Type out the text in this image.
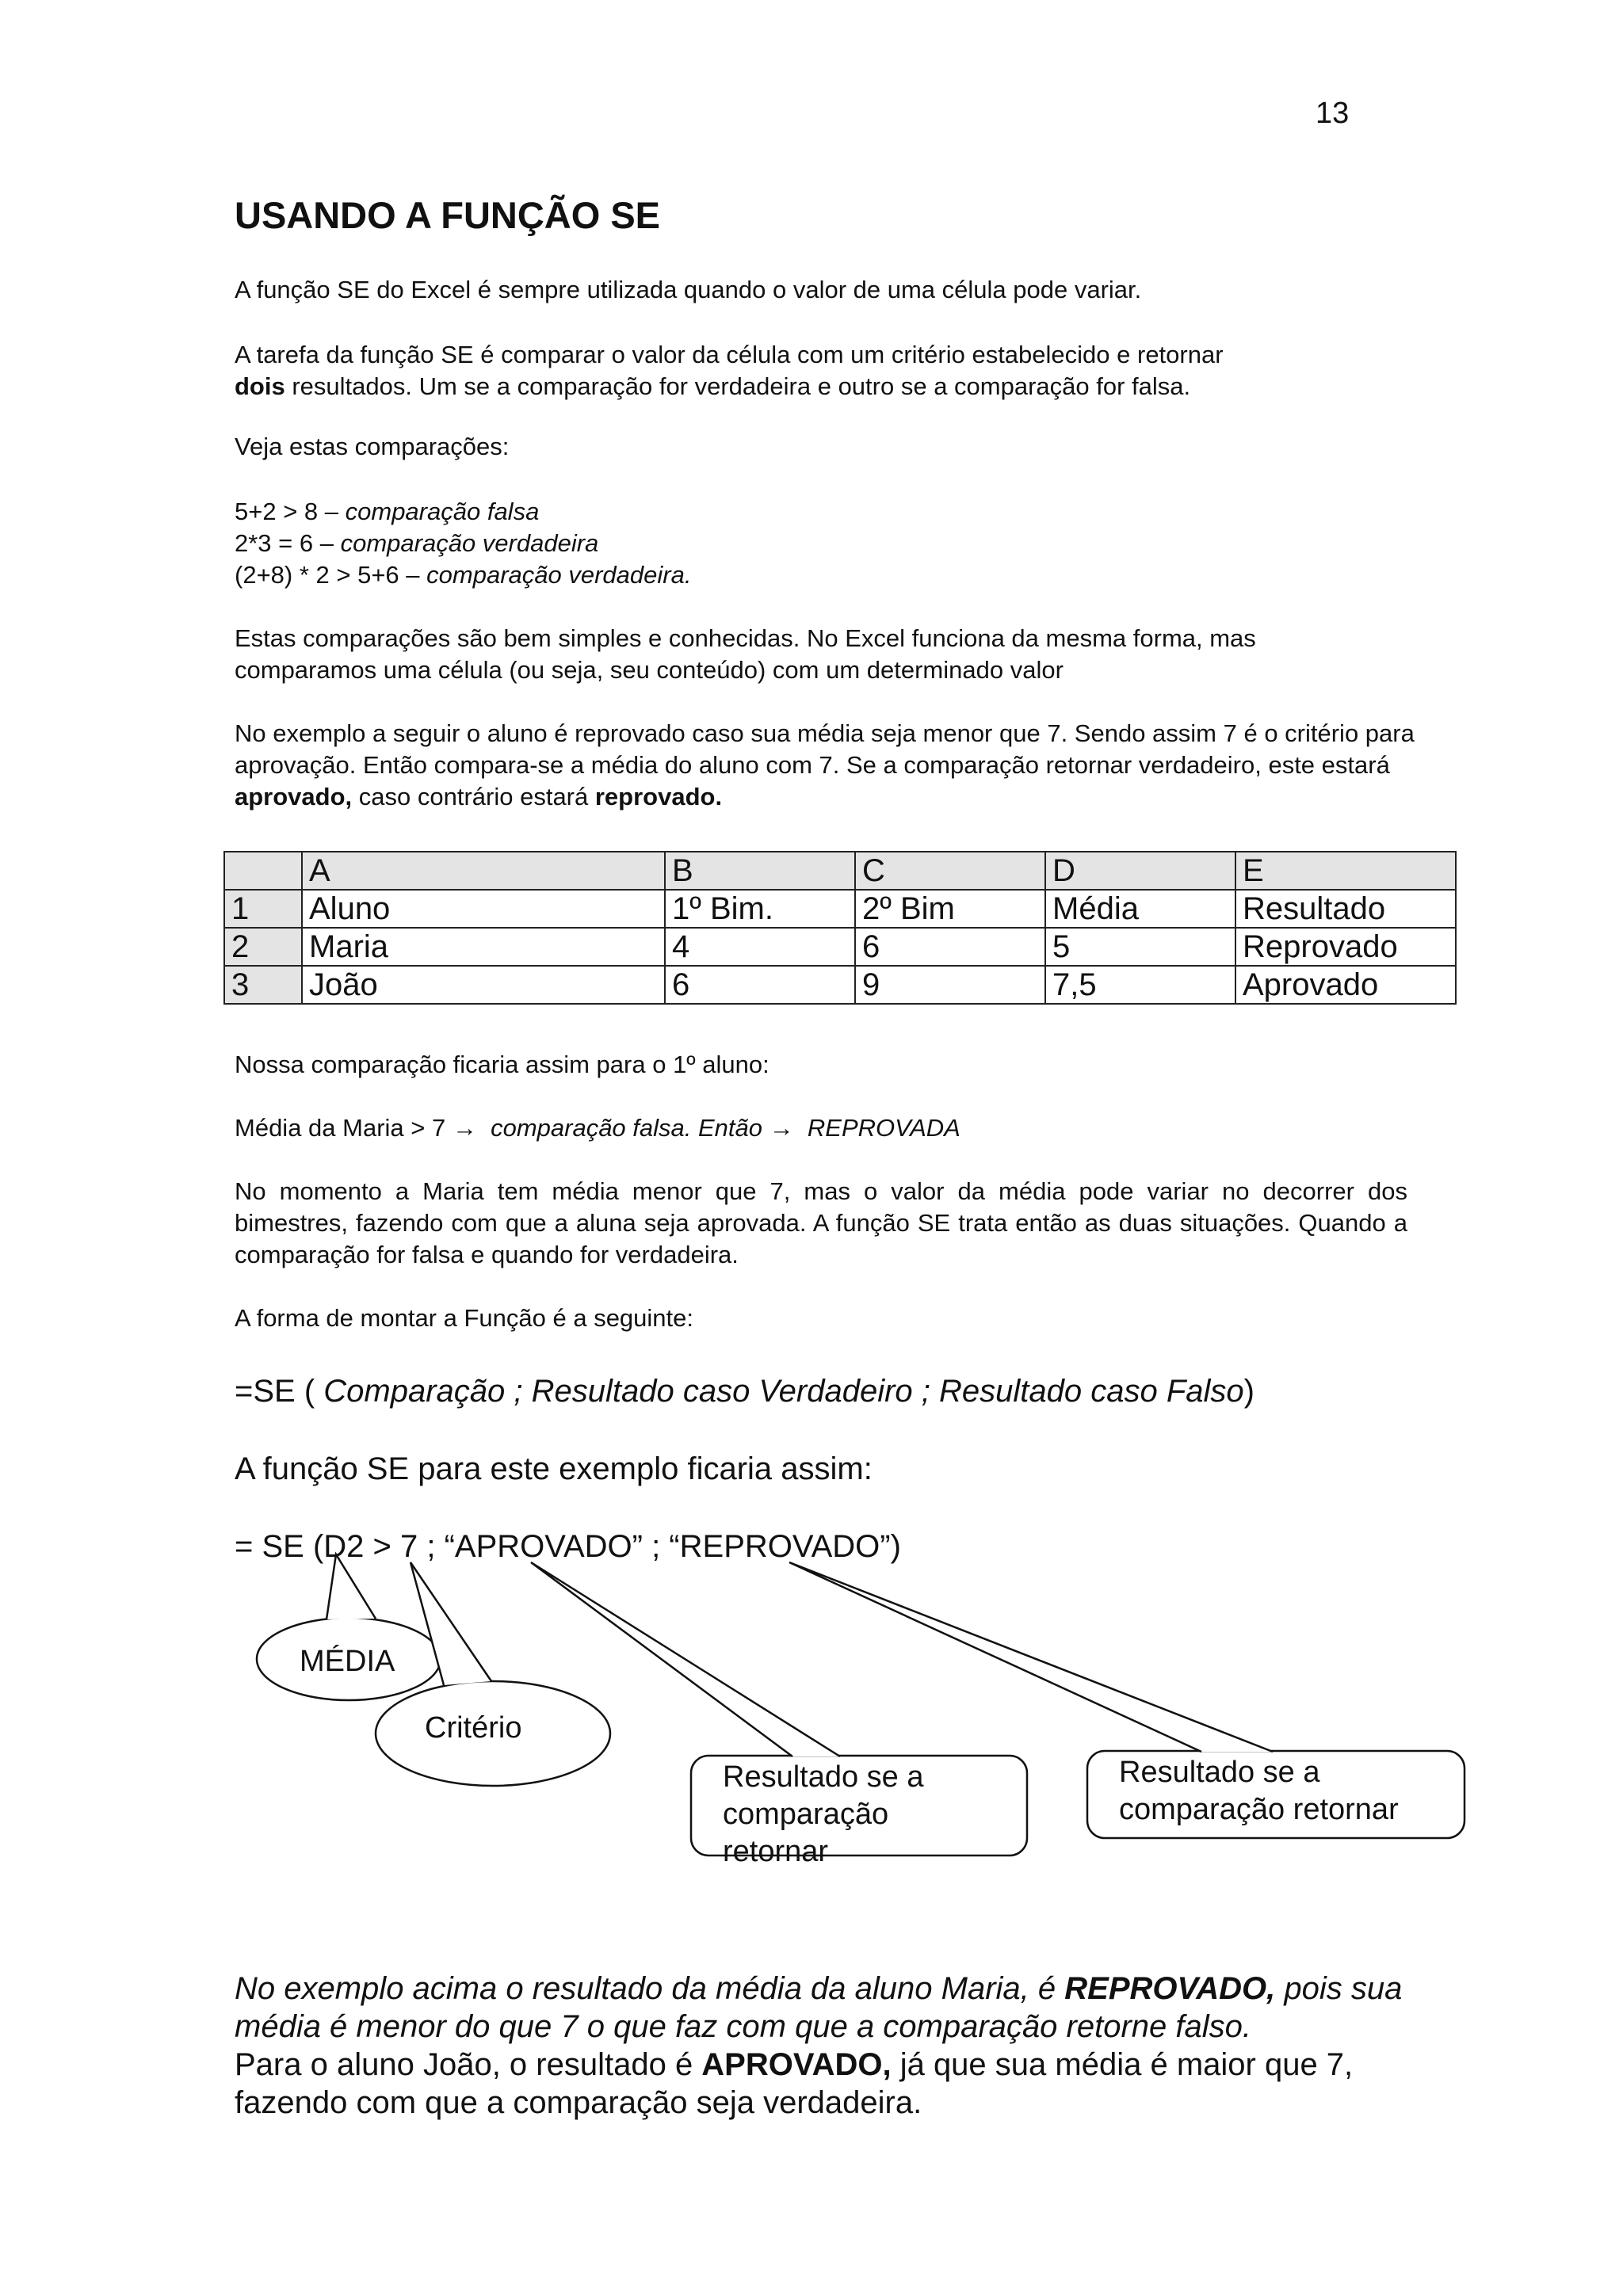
13
USANDO A FUNÇÃO SE
A função SE do Excel é sempre utilizada quando o valor de uma célula pode variar.
A tarefa da função SE é comparar o valor da célula com um critério estabelecido e retornar
dois resultados. Um se a comparação for verdadeira e outro se a comparação for falsa.
Veja estas comparações:
5+2 > 8 – comparação falsa
2*3 = 6 – comparação verdadeira
(2+8) * 2 > 5+6 – comparação verdadeira.
Estas comparações são bem simples e conhecidas. No Excel funciona da mesma forma, mas comparamos uma célula (ou seja, seu conteúdo) com um determinado valor
No exemplo a seguir o aluno é reprovado caso sua média seja menor que 7. Sendo assim 7 é o critério para aprovação. Então compara-se a média do aluno com 7. Se a comparação retornar verdadeiro, este estará aprovado, caso contrário estará reprovado.
	A	B	C	D	E
1	Aluno	1º Bim.	2º Bim	Média	Resultado
2	Maria	4	6	5	Reprovado
3	João	6	9	7,5	Aprovado
Nossa comparação ficaria assim para o 1º aluno:
Média da Maria > 7 → comparação falsa. Então → REPROVADA
No momento a Maria tem média menor que 7, mas o valor da média pode variar no decorrer dos bimestres, fazendo com que a aluna seja aprovada. A função SE trata então as duas situações. Quando a comparação for falsa e quando for verdadeira.
A forma de montar a Função é a seguinte:
=SE ( Comparação ; Resultado caso Verdadeiro ; Resultado caso Falso)
A função SE para este exemplo ficaria assim:
= SE (D2 > 7 ; “APROVADO” ; “REPROVADO”)
MÉDIA
Critério
Resultado se a
comparação
retornar
Resultado se a
comparação retornar
No exemplo acima o resultado da média da aluno Maria, é REPROVADO, pois sua média é menor do que 7 o que faz com que a comparação retorne falso.
Para o aluno João, o resultado é APROVADO, já que sua média é maior que 7, fazendo com que a comparação seja verdadeira.
